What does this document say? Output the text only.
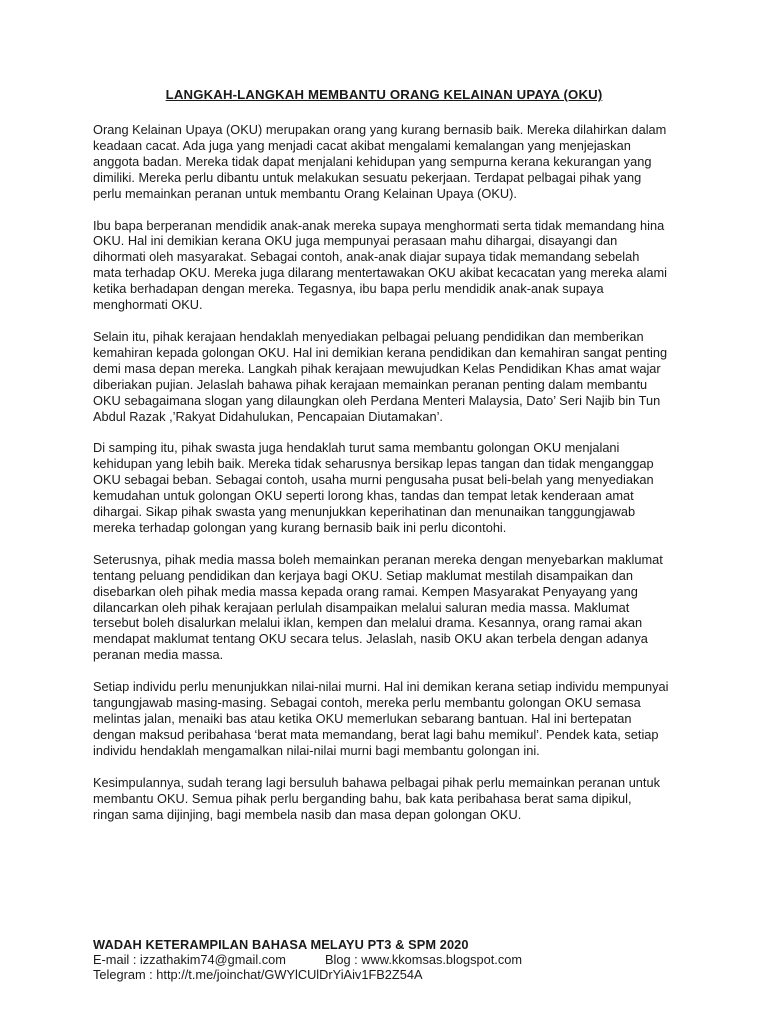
LANGKAH-LANGKAH MEMBANTU ORANG KELAINAN UPAYA (OKU)

Orang Kelainan Upaya (OKU) merupakan orang yang kurang bernasib baik. Mereka dilahirkan dalam
keadaan cacat. Ada juga yang menjadi cacat akibat mengalami kemalangan yang menjejaskan
anggota badan. Mereka tidak dapat menjalani kehidupan yang sempurna kerana kekurangan yang
dimiliki. Mereka perlu dibantu untuk melakukan sesuatu pekerjaan. Terdapat pelbagai pihak yang
perlu memainkan peranan untuk membantu Orang Kelainan Upaya (OKU).

Ibu bapa berperanan mendidik anak-anak mereka supaya menghormati serta tidak memandang hina
OKU. Hal ini demikian kerana OKU juga mempunyai perasaan mahu dihargai, disayangi dan
dihormati oleh masyarakat. Sebagai contoh, anak-anak diajar supaya tidak memandang sebelah
mata terhadap OKU. Mereka juga dilarang mentertawakan OKU akibat kecacatan yang mereka alami
ketika berhadapan dengan mereka. Tegasnya, ibu bapa perlu mendidik anak-anak supaya
menghormati OKU.

Selain itu, pihak kerajaan hendaklah menyediakan pelbagai peluang pendidikan dan memberikan
kemahiran kepada golongan OKU. Hal ini demikian kerana pendidikan dan kemahiran sangat penting
demi masa depan mereka. Langkah pihak kerajaan mewujudkan Kelas Pendidikan Khas amat wajar
diberiakan pujian. Jelaslah bahawa pihak kerajaan memainkan peranan penting dalam membantu
OKU sebagaimana slogan yang dilaungkan oleh Perdana Menteri Malaysia, Dato’ Seri Najib bin Tun
Abdul Razak ,’Rakyat Didahulukan, Pencapaian Diutamakan’.

Di samping itu, pihak swasta juga hendaklah turut sama membantu golongan OKU menjalani
kehidupan yang lebih baik. Mereka tidak seharusnya bersikap lepas tangan dan tidak menganggap
OKU sebagai beban. Sebagai contoh, usaha murni pengusaha pusat beli-belah yang menyediakan
kemudahan untuk golongan OKU seperti lorong khas, tandas dan tempat letak kenderaan amat
dihargai. Sikap pihak swasta yang menunjukkan keperihatinan dan menunaikan tanggungjawab
mereka terhadap golongan yang kurang bernasib baik ini perlu dicontohi.

Seterusnya, pihak media massa boleh memainkan peranan mereka dengan menyebarkan maklumat
tentang peluang pendidikan dan kerjaya bagi OKU. Setiap maklumat mestilah disampaikan dan
disebarkan oleh pihak media massa kepada orang ramai. Kempen Masyarakat Penyayang yang
dilancarkan oleh pihak kerajaan perlulah disampaikan melalui saluran media massa. Maklumat
tersebut boleh disalurkan melalui iklan, kempen dan melalui drama. Kesannya, orang ramai akan
mendapat maklumat tentang OKU secara telus. Jelaslah, nasib OKU akan terbela dengan adanya
peranan media massa.

Setiap individu perlu menunjukkan nilai-nilai murni. Hal ini demikan kerana setiap individu mempunyai
tangungjawab masing-masing. Sebagai contoh, mereka perlu membantu golongan OKU semasa
melintas jalan, menaiki bas atau ketika OKU memerlukan sebarang bantuan. Hal ini bertepatan
dengan maksud peribahasa ‘berat mata memandang, berat lagi bahu memikul’. Pendek kata, setiap
individu hendaklah mengamalkan nilai-nilai murni bagi membantu golongan ini.

Kesimpulannya, sudah terang lagi bersuluh bahawa pelbagai pihak perlu memainkan peranan untuk
membantu OKU. Semua pihak perlu berganding bahu, bak kata peribahasa berat sama dipikul,
ringan sama dijinjing, bagi membela nasib dan masa depan golongan OKU.

WADAH KETERAMPILAN BAHASA MELAYU PT3 & SPM 2020
E-mail : izzathakim74@gmail.com           Blog : www.kkomsas.blogspot.com
Telegram : http://t.me/joinchat/GWYlCUlDrYiAiv1FB2Z54A
